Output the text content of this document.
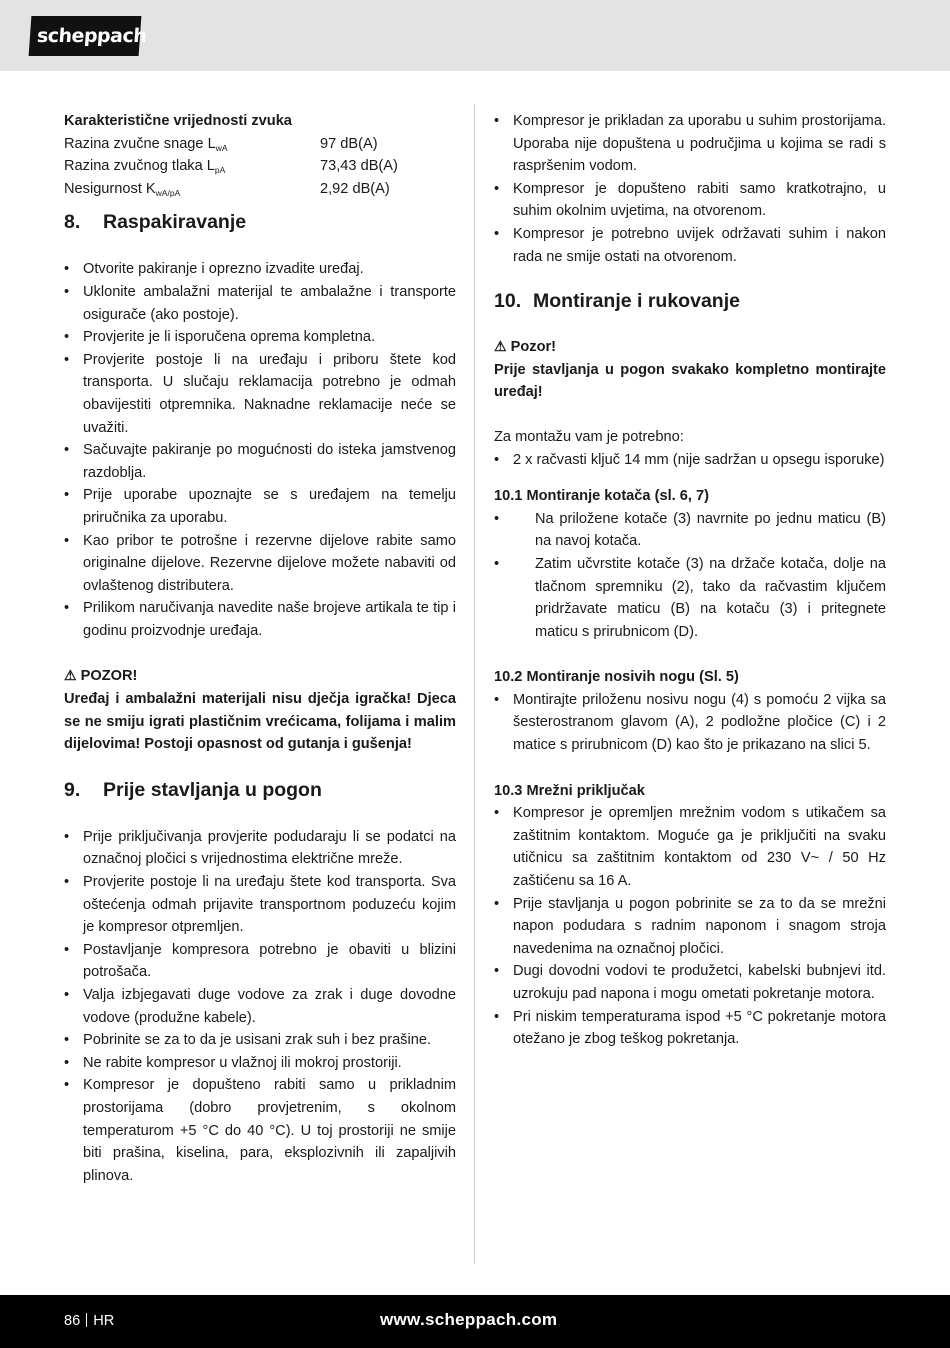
scheppach
Karakteristične vrijednosti zvuka
Razina zvučne snage $L_{wA}$	97 dB(A)
Razina zvučnog tlaka $L_{pA}$	73,43 dB(A)
Nesigurnost $K_{wA/pA}$	2,92 dB(A)
8. Raspakiravanje
• Otvorite pakiranje i oprezno izvadite uređaj.
• Uklonite ambalažni materijal te ambalažne i transporte osigurače (ako postoje).
• Provjerite je li isporučena oprema kompletna.
• Provjerite postoje li na uređaju i priboru štete kod transporta. U slučaju reklamacija potrebno je odmah obavijestiti otpremnika. Naknadne reklamacije neće se uvažiti.
• Sačuvajte pakiranje po mogućnosti do isteka jamstvenog razdoblja.
• Prije uporabe upoznajte se s uređajem na temelju priručnika za uporabu.
• Kao pribor te potrošne i rezervne dijelove rabite samo originalne dijelove. Rezervne dijelove možete nabaviti od ovlaštenog distributera.
• Prilikom naručivanja navedite naše brojeve artikala te tip i godinu proizvodnje uređaja.
⚠ POZOR!

Uređaj i ambalažni materijali nisu dječja igračka! Djeca se ne smiju igrati plastičnim vrećicama, folijama i malim dijelovima! Postoji opasnost od gutanja i gušenja!

9. Prije stavljanja u pogon
• Prije priključivanja provjerite podudaraju li se podatci na označnoj pločici s vrijednostima električne mreže.
• Provjerite postoje li na uređaju štete kod transporta. Sva oštećenja odmah prijavite transportnom poduzeću kojim je kompresor otpremljen.
• Postavljanje kompresora potrebno je obaviti u blizini potrošača.
• Valja izbjegavati duge vodove za zrak i duge dovodne vodove (produžne kabele).
• Pobrinite se za to da je usisani zrak suh i bez prašine.
• Ne rabite kompresor u vlažnoj ili mokroj prostoriji.
• Kompresor je dopušteno rabiti samo u prikladnim prostorijama (dobro provjetrenim, s okolnom temperaturom +5 °C do 40 °C). U toj prostoriji ne smije biti prašina, kiselina, para, eksplozivnih ili zapaljivih plinova.
• Kompresor je prikladan za uporabu u suhim prostorijama. Uporaba nije dopuštena u područjima u kojima se radi s raspršenim vodom.
• Kompresor je dopušteno rabiti samo kratkotrajno, u suhim okolnim uvjetima, na otvorenom.
• Kompresor je potrebno uvijek održavati suhim i nakon rada ne smije ostati na otvorenom.
10. Montiranje i rukovanje
⚠ Pozor!

Prije stavljanja u pogon svakako kompletno montirajte uređaj!

Za montažu vam je potrebno:

• 2 x račvasti ključ 14 mm (nije sadržan u opsegu isporuke)
10.1 Montiranje kotača (sl. 6, 7)
• Na priložene kotače (3) navrnite po jednu maticu (B) na navoj kotača.
• Zatim učvrstite kotače (3) na držače kotača, dolje na tlačnom spremniku (2), tako da račvastim ključem pridržavate maticu (B) na kotaču (3) i pritegnete maticu s prirubnicom (D).
10.2 Montiranje nosivih nogu (Sl. 5)
• Montirajte priloženu nosivu nogu (4) s pomoću 2 vijka sa šesterostranom glavom (A), 2 podložne pločice (C) i 2 matice s prirubnicom (D) kao što je prikazano na slici 5.
10.3 Mrežni priključak
• Kompresor je opremljen mrežnim vodom s utikačem sa zaštitnim kontaktom. Moguće ga je priključiti na svaku utičnicu sa zaštitnim kontaktom od 230 V~ / 50 Hz zaštićenu sa 16 A.
• Prije stavljanja u pogon pobrinite se za to da se mrežni napon podudara s radnim naponom i snagom stroja navedenima na označnoj pločici.
• Dugi dovodni vodovi te produžetci, kabelski bubnjevi itd. uzrokuju pad napona i mogu ometati pokretanje motora.
• Pri niskim temperaturama ispod +5 °C pokretanje motora otežano je zbog teškog pokretanja.
86 HR	www.scheppach.com
